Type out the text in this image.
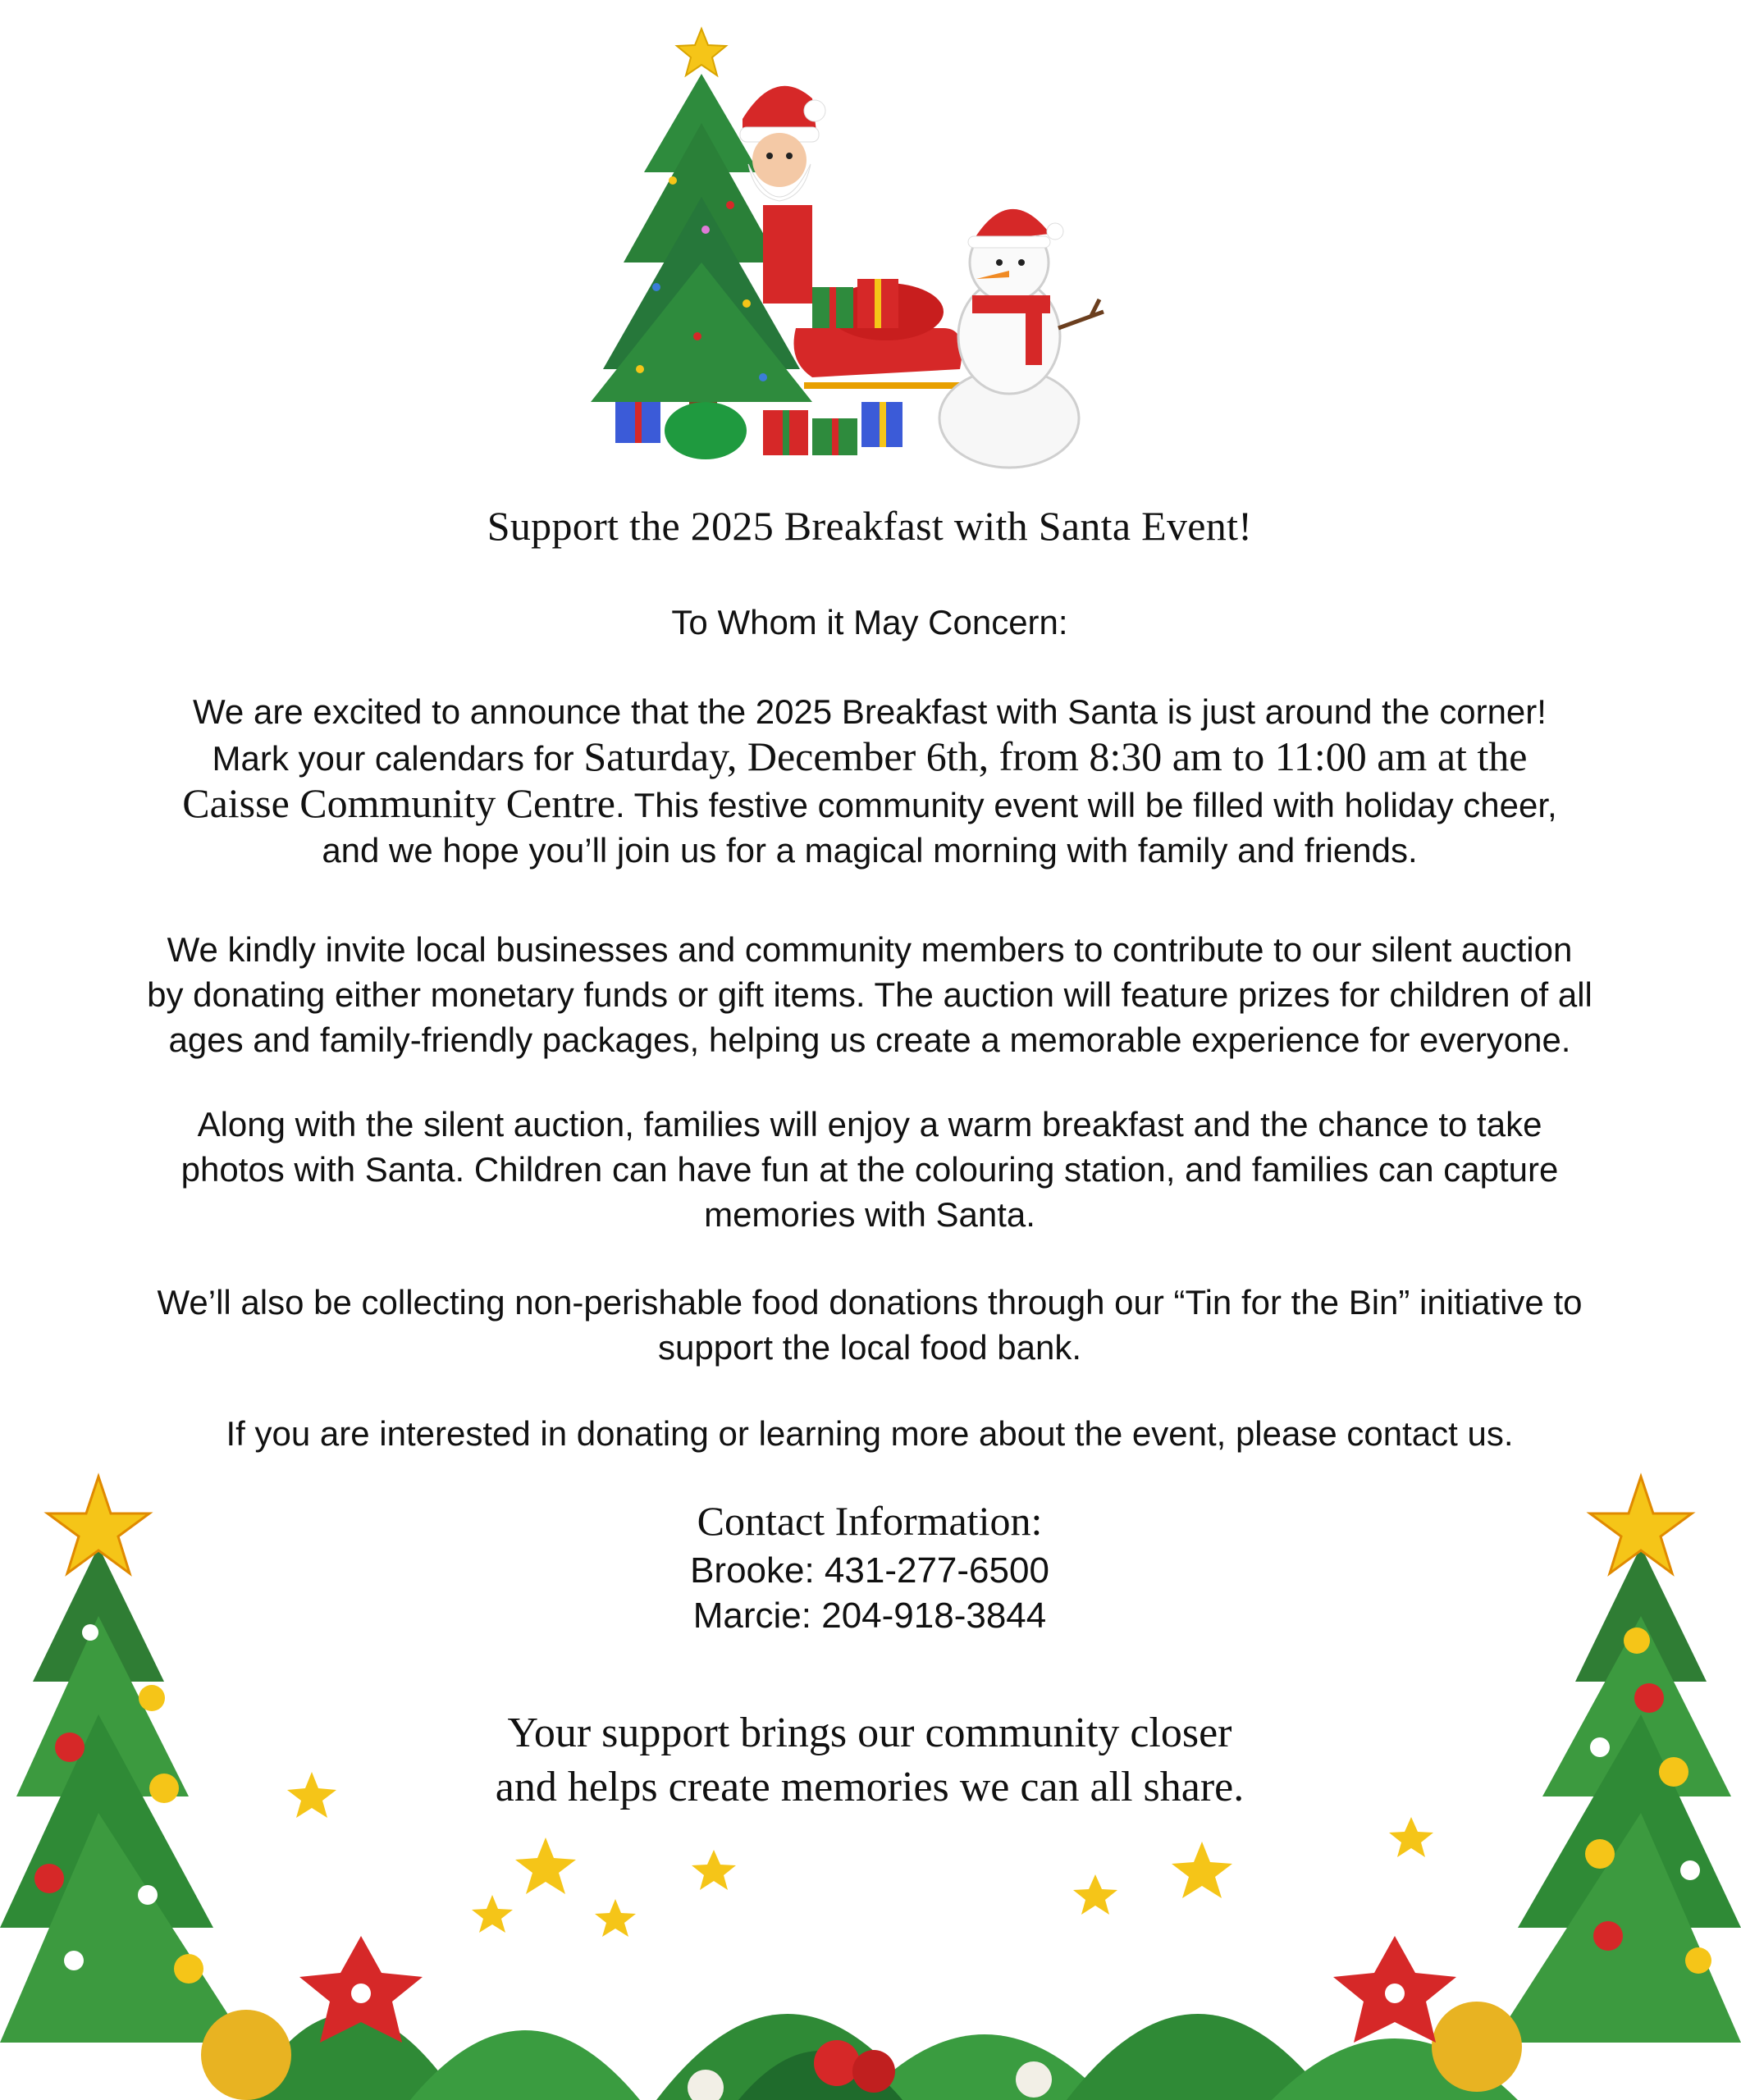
Support the 2025 Breakfast with Santa Event!
To Whom it May Concern:
We are excited to announce that the 2025 Breakfast with Santa is just around the corner!
Mark your calendars for Saturday, December 6th, from 8:30 am to 11:00 am at the
Caisse Community Centre. This festive community event will be filled with holiday cheer,
and we hope you’ll join us for a magical morning with family and friends.
We kindly invite local businesses and community members to contribute to our silent auction
by donating either monetary funds or gift items. The auction will feature prizes for children of all
ages and family-friendly packages, helping us create a memorable experience for everyone.
Along with the silent auction, families will enjoy a warm breakfast and the chance to take
photos with Santa. Children can have fun at the colouring station, and families can capture
memories with Santa.
We’ll also be collecting non-perishable food donations through our “Tin for the Bin” initiative to
support the local food bank.
If you are interested in donating or learning more about the event, please contact us.
Contact Information:
Brooke: 431-277-6500
Marcie: 204-918-3844
Your support brings our community closer
and helps create memories we can all share.
